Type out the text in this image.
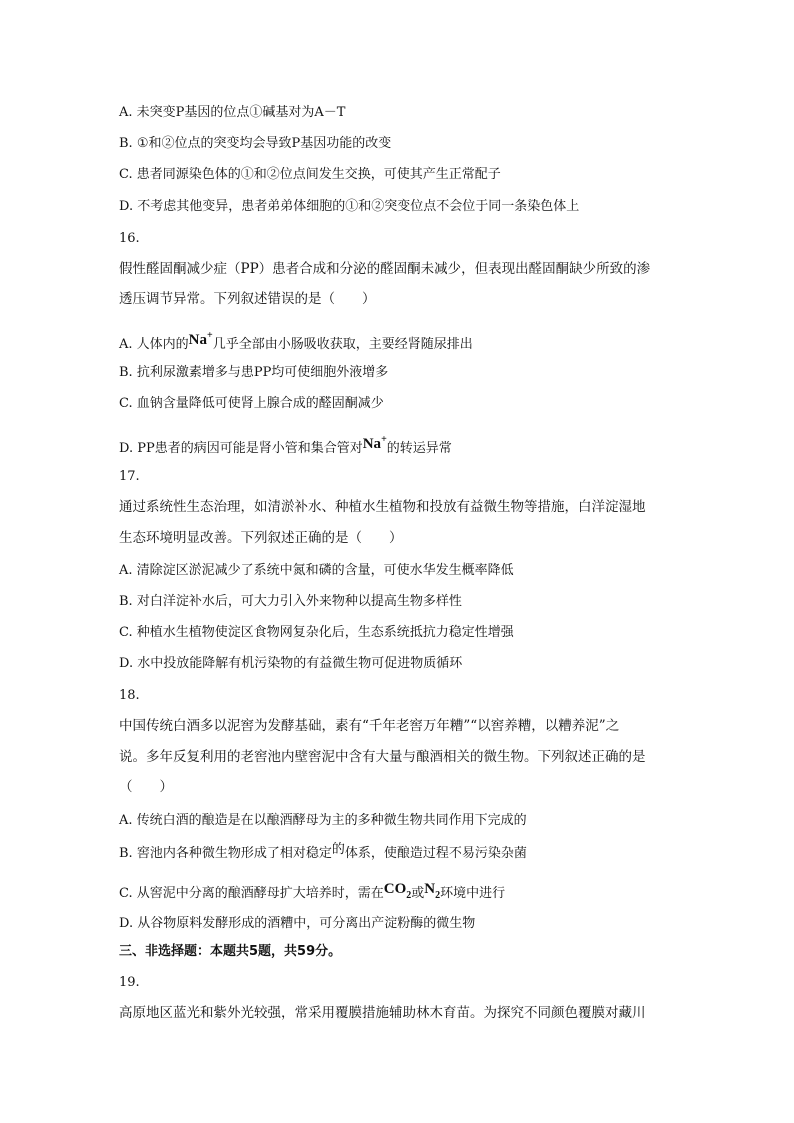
A. 未突变P基因的位点①碱基对为A－T
B. ①和②位点的突变均会导致P基因功能的改变
C. 患者同源染色体的①和②位点间发生交换，可使其产生正常配子
D. 不考虑其他变异，患者弟弟体细胞的①和②突变位点不会位于同一条染色体上
16.
假性醛固酮减少症（PP）患者合成和分泌的醛固酮未减少，但表现出醛固酮缺少所致的渗
透压调节异常。下列叙述错误的是（　　）
A. 人体内的Na+几乎全部由小肠吸收获取，主要经肾随尿排出
B. 抗利尿激素增多与患PP均可使细胞外液增多
C. 血钠含量降低可使肾上腺合成的醛固酮减少
D. PP患者的病因可能是肾小管和集合管对Na+的转运异常
17.
通过系统性生态治理，如清淤补水、种植水生植物和投放有益微生物等措施，白洋淀湿地
生态环境明显改善。下列叙述正确的是（　　）
A. 清除淀区淤泥减少了系统中氮和磷的含量，可使水华发生概率降低
B. 对白洋淀补水后，可大力引入外来物种以提高生物多样性
C. 种植水生植物使淀区食物网复杂化后，生态系统抵抗力稳定性增强
D. 水中投放能降解有机污染物的有益微生物可促进物质循环
18.
中国传统白酒多以泥窖为发酵基础，素有“千年老窖万年糟”“以窖养糟，以糟养泥”之
说。多年反复利用的老窖池内壁窖泥中含有大量与酿酒相关的微生物。下列叙述正确的是
（　　）
A. 传统白酒的酿造是在以酿酒酵母为主的多种微生物共同作用下完成的
B. 窖池内各种微生物形成了相对稳定的体系，使酿造过程不易污染杂菌
C. 从窖泥中分离的酿酒酵母扩大培养时，需在$CO_2$或$N_2$环境中进行
D. 从谷物原料发酵形成的酒糟中，可分离出产淀粉酶的微生物
三、非选择题：本题共5题，共59分。
19.
高原地区蓝光和紫外光较强，常采用覆膜措施辅助林木育苗。为探究不同颜色覆膜对藏川
